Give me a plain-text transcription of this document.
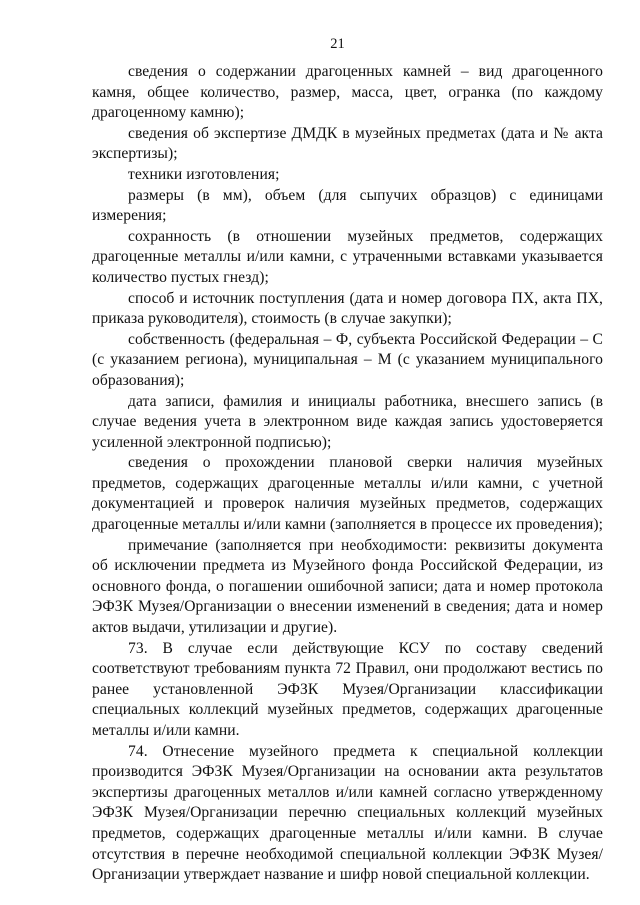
21

сведения о содержании драгоценных камней – вид драгоценного камня, общее количество, размер, масса, цвет, огранка (по каждому драгоценному камню);

сведения об экспертизе ДМДК в музейных предметах (дата и № акта экспертизы);

техники изготовления;

размеры (в мм), объем (для сыпучих образцов) с единицами измерения;

сохранность (в отношении музейных предметов, содержащих драгоценные металлы и/или камни, с утраченными вставками указывается количество пустых гнезд);

способ и источник поступления (дата и номер договора ПХ, акта ПХ, приказа руководителя), стоимость (в случае закупки);

собственность (федеральная – Ф, субъекта Российской Федерации – С (с указанием региона), муниципальная – М (с указанием муниципального образования);

дата записи, фамилия и инициалы работника, внесшего запись (в случае ведения учета в электронном виде каждая запись удостоверяется усиленной электронной подписью);

сведения о прохождении плановой сверки наличия музейных предметов, содержащих драгоценные металлы и/или камни, с учетной документацией и проверок наличия музейных предметов, содержащих драгоценные металлы и/или камни (заполняется в процессе их проведения);

примечание (заполняется при необходимости: реквизиты документа об исключении предмета из Музейного фонда Российской Федерации, из основного фонда, о погашении ошибочной записи; дата и номер протокола ЭФЗК Музея/Организации о внесении изменений в сведения; дата и номер актов выдачи, утилизации и другие).

73. В случае если действующие КСУ по составу сведений соответствуют требованиям пункта 72 Правил, они продолжают вестись по ранее установленной ЭФЗК Музея/Организации классификации специальных коллекций музейных предметов, содержащих драгоценные металлы и/или камни.

74. Отнесение музейного предмета к специальной коллекции производится ЭФЗК Музея/Организации на основании акта результатов экспертизы драгоценных металлов и/или камней согласно утвержденному ЭФЗК Музея/Организации перечню специальных коллекций музейных предметов, содержащих драгоценные металлы и/или камни. В случае отсутствия в перечне необходимой специальной коллекции ЭФЗК Музея/Организации утверждает название и шифр новой специальной коллекции.
